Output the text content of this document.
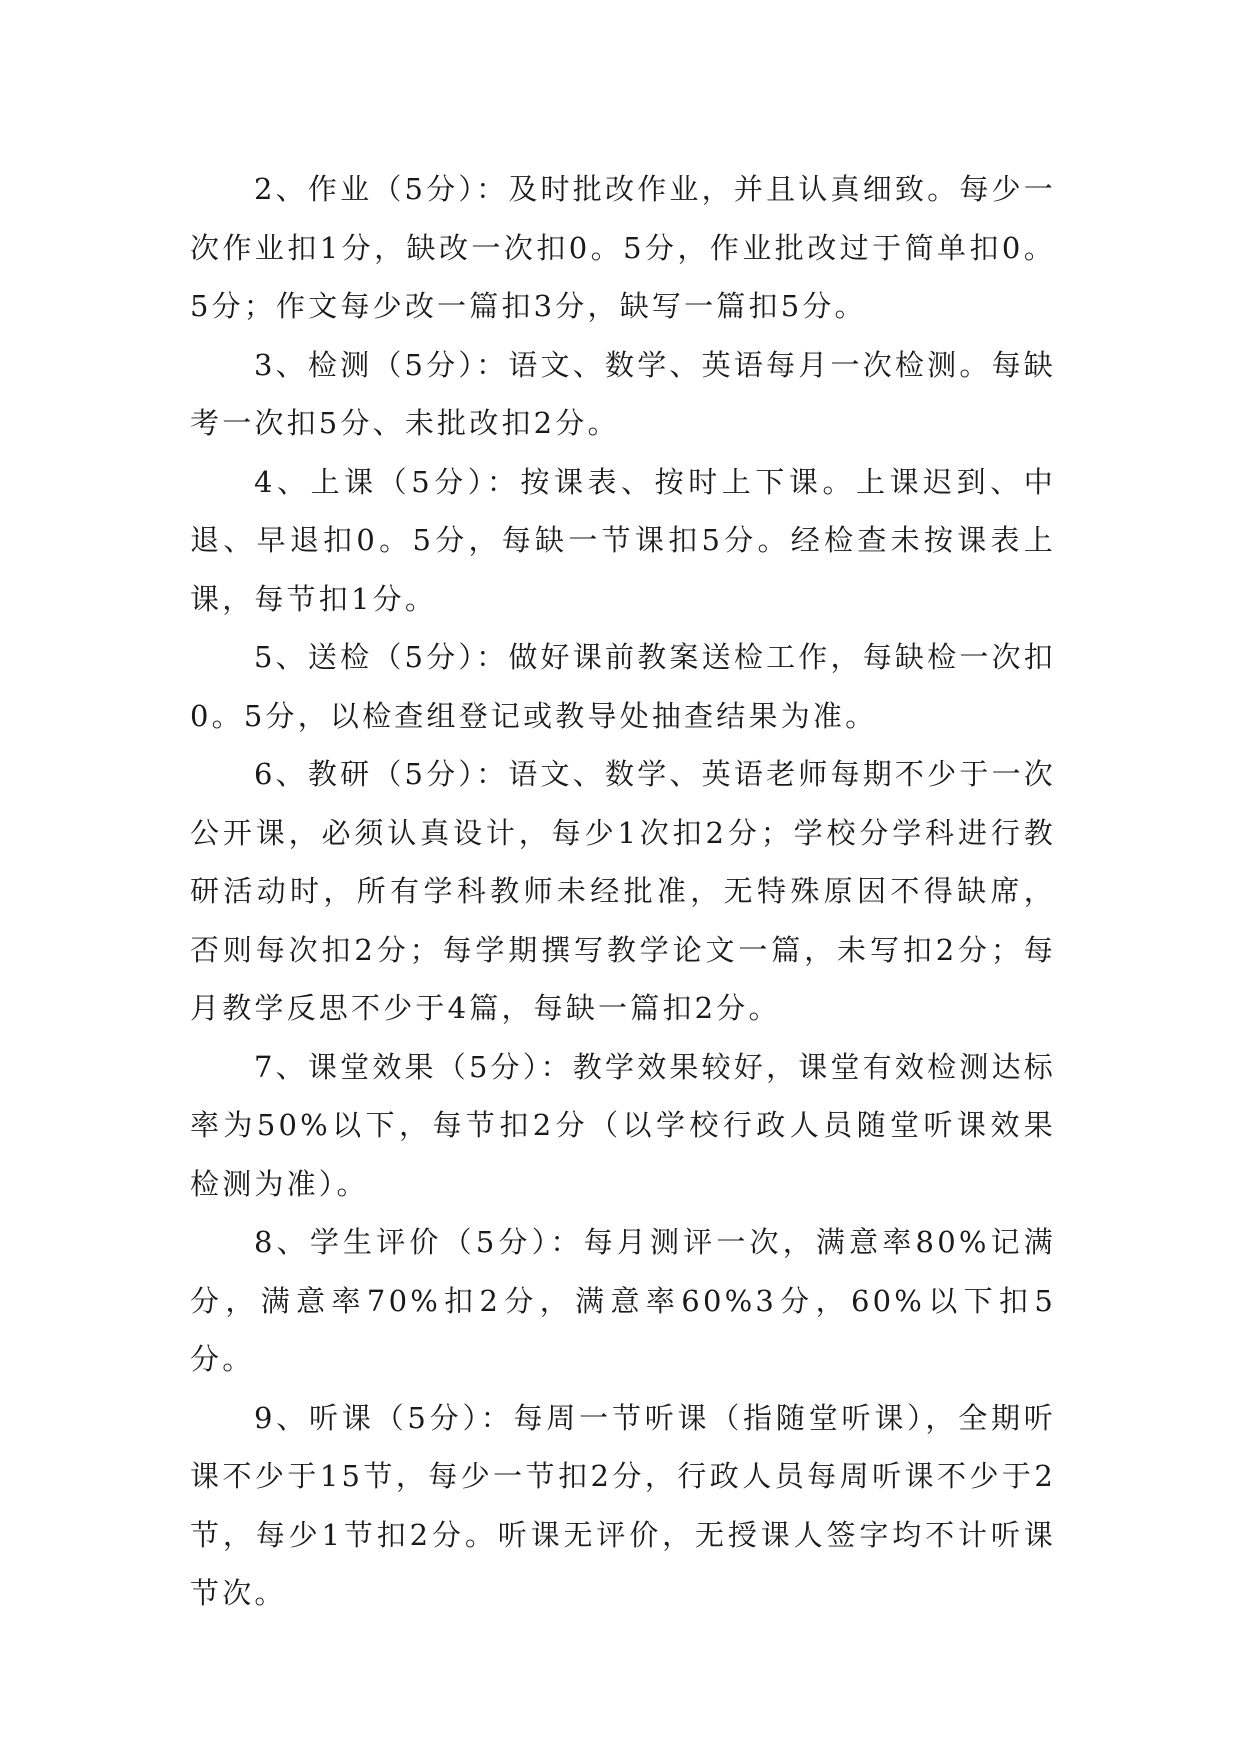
2、作业（5分）：及时批改作业，并且认真细致。每少一次作业扣1分，缺改一次扣0。5分，作业批改过于简单扣0。5分；作文每少改一篇扣3分，缺写一篇扣5分。

3、检测（5分）：语文、数学、英语每月一次检测。每缺考一次扣5分、未批改扣2分。

4、上课（5分）：按课表、按时上下课。上课迟到、中退、早退扣0。5分，每缺一节课扣5分。经检查未按课表上课，每节扣1分。

5、送检（5分）：做好课前教案送检工作，每缺检一次扣0。5分，以检查组登记或教导处抽查结果为准。

6、教研（5分）：语文、数学、英语老师每期不少于一次公开课，必须认真设计，每少1次扣2分；学校分学科进行教研活动时，所有学科教师未经批准，无特殊原因不得缺席，否则每次扣2分；每学期撰写教学论文一篇，未写扣2分；每月教学反思不少于4篇，每缺一篇扣2分。

7、课堂效果（5分）：教学效果较好，课堂有效检测达标率为50%以下，每节扣2分（以学校行政人员随堂听课效果检测为准）。

8、学生评价（5分）：每月测评一次，满意率80%记满分，满意率70%扣2分，满意率60%3分，60%以下扣5分。

9、听课（5分）：每周一节听课（指随堂听课），全期听课不少于15节，每少一节扣2分，行政人员每周听课不少于2节，每少1节扣2分。听课无评价，无授课人签字均不计听课节次。
